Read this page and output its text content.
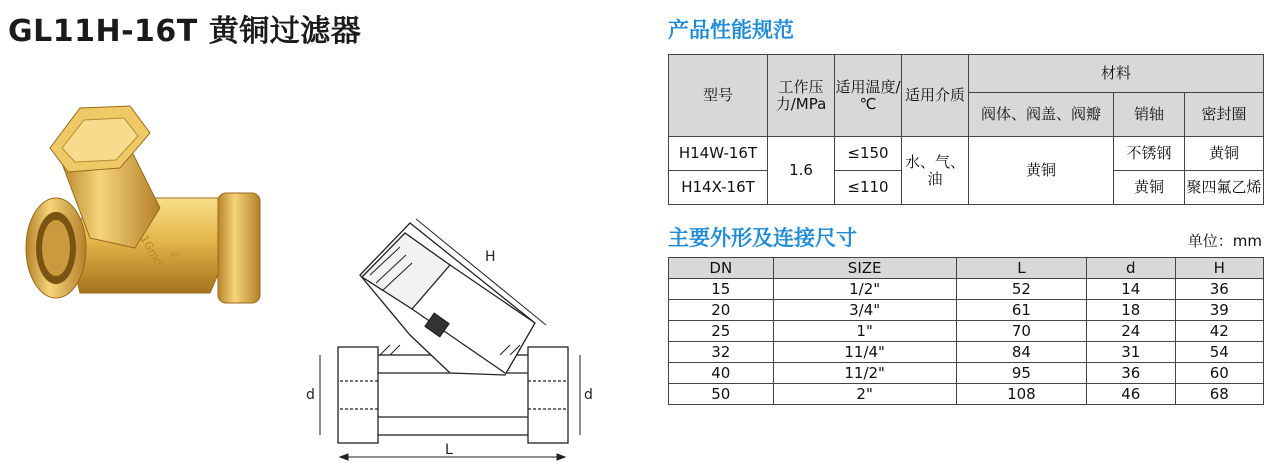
GL11H-16T 黄铜过滤器
1Gmd ⇦	H
d	d
L
产品性能规范
型号	工作压力/MPa	适用温度/℃	适用介质	材料		
				阀体、阀盖、阀瓣	销轴	密封圈
H14W-16T	1.6	≤150	水、气、油	黄铜	不锈钢	黄铜
H14X-16T		≤110			黄铜	聚四氟乙烯
主要外形及连接尺寸	单位：mm
DN	SIZE	L	d	H
15	1/2"	52	14	36
20	3/4"	61	18	39
25	1"	70	24	42
32	11/4"	84	31	54
40	11/2"	95	36	60
50	2"	108	46	68
